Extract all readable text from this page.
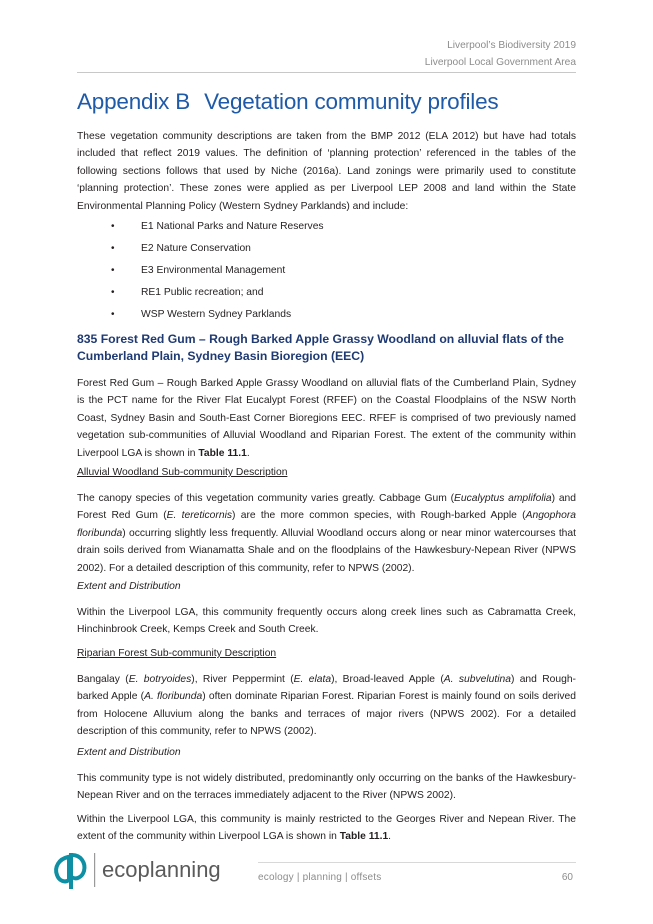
Liverpool’s Biodiversity 2019
Liverpool Local Government Area
Appendix B Vegetation community profiles

These vegetation community descriptions are taken from the BMP 2012 (ELA 2012) but have had totals included that reflect 2019 values. The definition of ‘planning protection’ referenced in the tables of the following sections follows that used by Niche (2016a). Land zonings were primarily used to constitute ‘planning protection’. These zones were applied as per Liverpool LEP 2008 and land within the State Environmental Planning Policy (Western Sydney Parklands) and include:

•	E1 National Parks and Nature Reserves
•	E2 Nature Conservation
•	E3 Environmental Management
•	RE1 Public recreation; and
•	WSP Western Sydney Parklands
835 Forest Red Gum – Rough Barked Apple Grassy Woodland on alluvial flats of the Cumberland Plain, Sydney Basin Bioregion (EEC)

Forest Red Gum – Rough Barked Apple Grassy Woodland on alluvial flats of the Cumberland Plain, Sydney is the PCT name for the River Flat Eucalypt Forest (RFEF) on the Coastal Floodplains of the NSW North Coast, Sydney Basin and South-East Corner Bioregions EEC. RFEF is comprised of two previously named vegetation sub-communities of Alluvial Woodland and Riparian Forest. The extent of the community within Liverpool LGA is shown in Table 11.1.

Alluvial Woodland Sub-community Description

The canopy species of this vegetation community varies greatly. Cabbage Gum (Eucalyptus amplifolia) and Forest Red Gum (E. tereticornis) are the more common species, with Rough-barked Apple (Angophora floribunda) occurring slightly less frequently. Alluvial Woodland occurs along or near minor watercourses that drain soils derived from Wianamatta Shale and on the floodplains of the Hawkesbury-Nepean River (NPWS 2002). For a detailed description of this community, refer to NPWS (2002).

Extent and Distribution

Within the Liverpool LGA, this community frequently occurs along creek lines such as Cabramatta Creek, Hinchinbrook Creek, Kemps Creek and South Creek.

Riparian Forest Sub-community Description

Bangalay (E. botryoides), River Peppermint (E. elata), Broad-leaved Apple (A. subvelutina) and Rough-barked Apple (A. floribunda) often dominate Riparian Forest. Riparian Forest is mainly found on soils derived from Holocene Alluvium along the banks and terraces of major rivers (NPWS 2002). For a detailed description of this community, refer to NPWS (2002).

Extent and Distribution

This community type is not widely distributed, predominantly only occurring on the banks of the Hawkesbury-Nepean River and on the terraces immediately adjacent to the River (NPWS 2002).

Within the Liverpool LGA, this community is mainly restricted to the Georges River and Nepean River. The extent of the community within Liverpool LGA is shown in Table 11.1.

ecoplanning	ecology | planning | offsets	60
